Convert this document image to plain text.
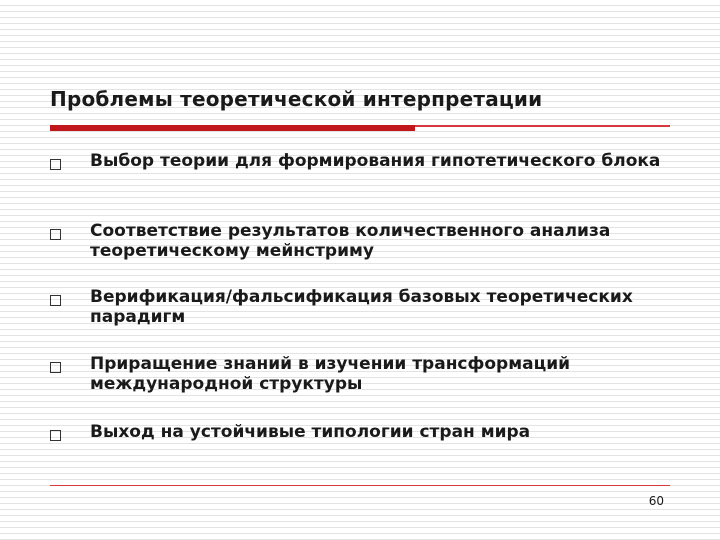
Проблемы теоретической интерпретации
Выбор теории для формирования гипотетического блока
Соответствие результатов количественного анализа теоретическому мейнстриму
Верификация/фальсификация базовых теоретических парадигм
Приращение знаний в изучении трансформаций международной структуры
Выход на устойчивые типологии стран мира
60
